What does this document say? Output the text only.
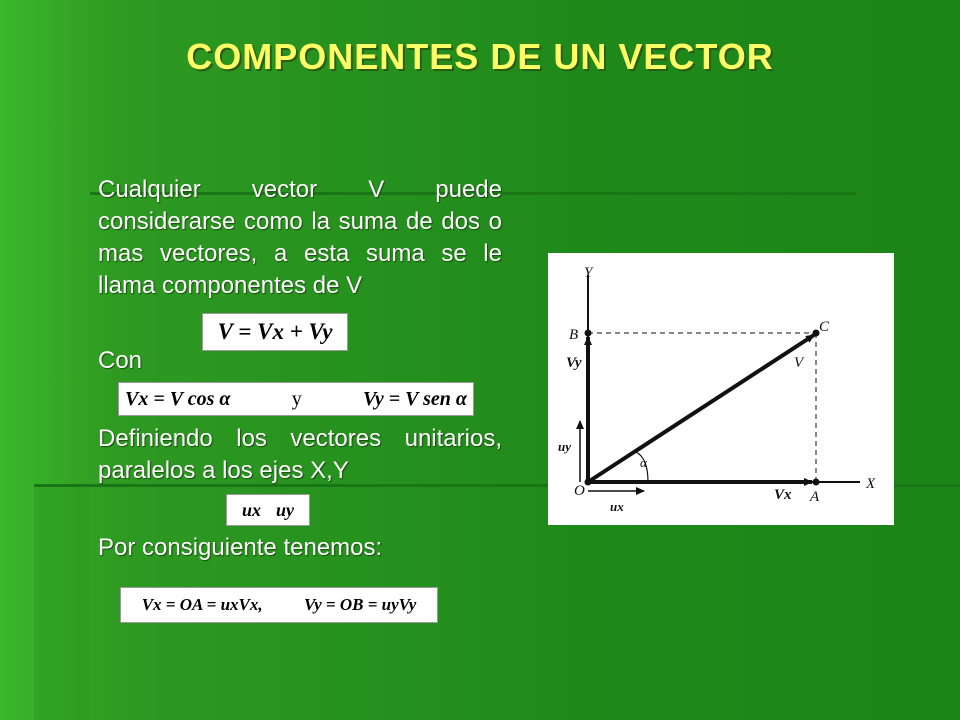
COMPONENTES DE UN VECTOR
Cualquier vector V puede considerarse como la suma de dos o mas vectores, a esta suma se le llama componentes de V
V = Vx + Vy
Con
Vx = V cos α	y	Vy = V sen α
Definiendo los vectores unitarios, paralelos a los ejes X,Y
ux uy
Por consiguiente tenemos:
Vx = OA = uxVx, Vy = OB = uyVy
Y
X
O	A
B	C
V
Vx
Vy
ux
uy
α
